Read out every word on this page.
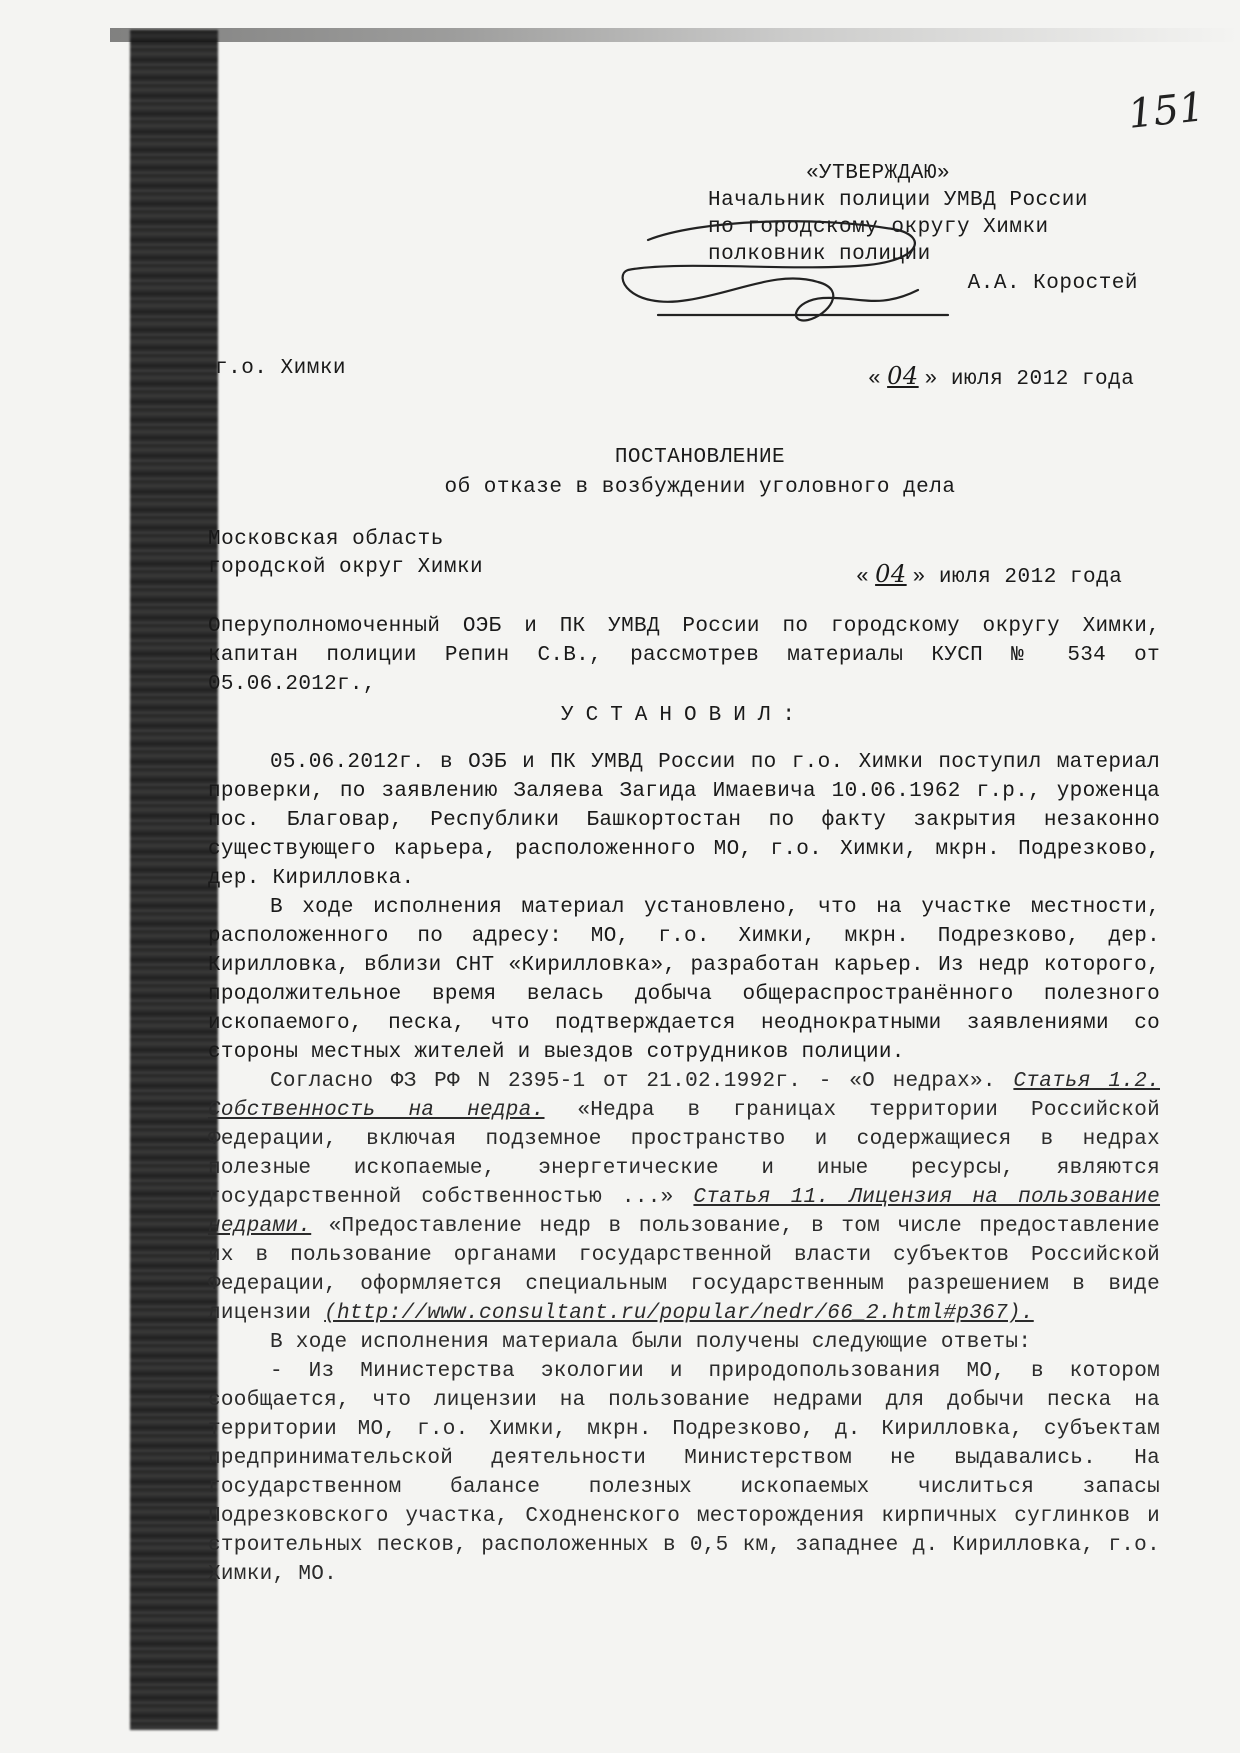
151
«УТВЕРЖДАЮ»
Начальник полиции УМВД России
по городскому округу Химки
полковник полиции
А.А. Коростей
г.о. Химки	« 04 » июля 2012 года
ПОСТАНОВЛЕНИЕ
об отказе в возбуждении уголовного дела
Московская область
городской округ Химки	« 04 » июля 2012 года

Оперуполномоченный ОЭБ и ПК УМВД России по городскому округу Химки, капитан полиции Репин С.В., рассмотрев материалы КУСП № 534 от 05.06.2012г.,

УСТАНОВИЛ:

05.06.2012г. в ОЭБ и ПК УМВД России по г.о. Химки поступил материал проверки, по заявлению Заляева Загида Имаевича 10.06.1962 г.р., уроженца пос. Благовар, Республики Башкортостан по факту закрытия незаконно существующего карьера, расположенного МО, г.о. Химки, мкрн. Подрезково, дер. Кирилловка.

В ходе исполнения материал установлено, что на участке местности, расположенного по адресу: МО, г.о. Химки, мкрн. Подрезково, дер. Кирилловка, вблизи СНТ «Кирилловка», разработан карьер. Из недр которого, продолжительное время велась добыча общераспространённого полезного ископаемого, песка, что подтверждается неоднократными заявлениями со стороны местных жителей и выездов сотрудников полиции.

Согласно ФЗ РФ N 2395-1 от 21.02.1992г. - «О недрах». Статья 1.2. Собственность на недра. «Недра в границах территории Российской Федерации, включая подземное пространство и содержащиеся в недрах полезные ископаемые, энергетические и иные ресурсы, являются государственной собственностью ...» Статья 11. Лицензия на пользование недрами. «Предоставление недр в пользование, в том числе предоставление их в пользование органами государственной власти субъектов Российской Федерации, оформляется специальным государственным разрешением в виде лицензии (http://www.consultant.ru/popular/nedr/66_2.html#p367).

В ходе исполнения материала были получены следующие ответы:

- Из Министерства экологии и природопользования МО, в котором сообщается, что лицензии на пользование недрами для добычи песка на территории МО, г.о. Химки, мкрн. Подрезково, д. Кирилловка, субъектам предпринимательской деятельности Министерством не выдавались. На государственном балансе полезных ископаемых числиться запасы Подрезковского участка, Сходненского месторождения кирпичных суглинков и строительных песков, расположенных в 0,5 км, западнее д. Кирилловка, г.о. Химки, МО.
